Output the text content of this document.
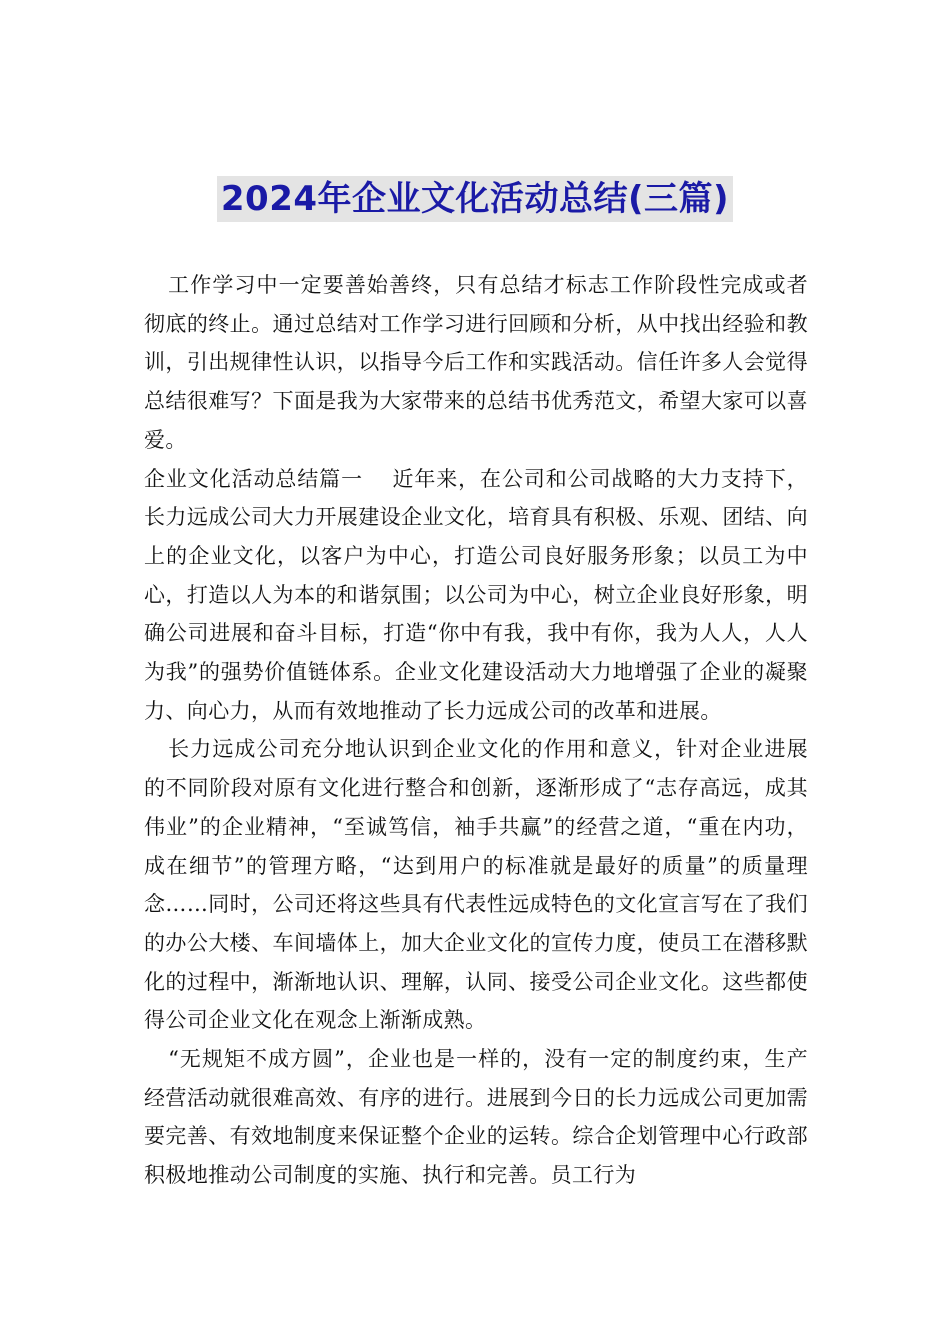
2024年企业文化活动总结(三篇)

工作学习中一定要善始善终，只有总结才标志工作阶段性完成或者彻底的终止。通过总结对工作学习进行回顾和分析，从中找出经验和教训，引出规律性认识，以指导今后工作和实践活动。信任许多人会觉得总结很难写？下面是我为大家带来的总结书优秀范文，希望大家可以喜爱。

企业文化活动总结篇一　 近年来，在公司和公司战略的大力支持下，长力远成公司大力开展建设企业文化，培育具有积极、乐观、团结、向上的企业文化，以客户为中心，打造公司良好服务形象；以员工为中心，打造以人为本的和谐氛围；以公司为中心，树立企业良好形象，明确公司进展和奋斗目标，打造“你中有我，我中有你，我为人人，人人为我”的强势价值链体系。企业文化建设活动大力地增强了企业的凝聚力、向心力，从而有效地推动了长力远成公司的改革和进展。

长力远成公司充分地认识到企业文化的作用和意义，针对企业进展的不同阶段对原有文化进行整合和创新，逐渐形成了“志存高远，成其伟业”的企业精神，“至诚笃信，袖手共赢”的经营之道，“重在内功，成在细节”的管理方略，“达到用户的标准就是最好的质量”的质量理念……同时，公司还将这些具有代表性远成特色的文化宣言写在了我们的办公大楼、车间墙体上，加大企业文化的宣传力度，使员工在潜移默化的过程中，渐渐地认识、理解，认同、接受公司企业文化。这些都使得公司企业文化在观念上渐渐成熟。

“无规矩不成方圆”，企业也是一样的，没有一定的制度约束，生产经营活动就很难高效、有序的进行。进展到今日的长力远成公司更加需要完善、有效地制度来保证整个企业的运转。综合企划管理中心行政部积极地推动公司制度的实施、执行和完善。员工行为
